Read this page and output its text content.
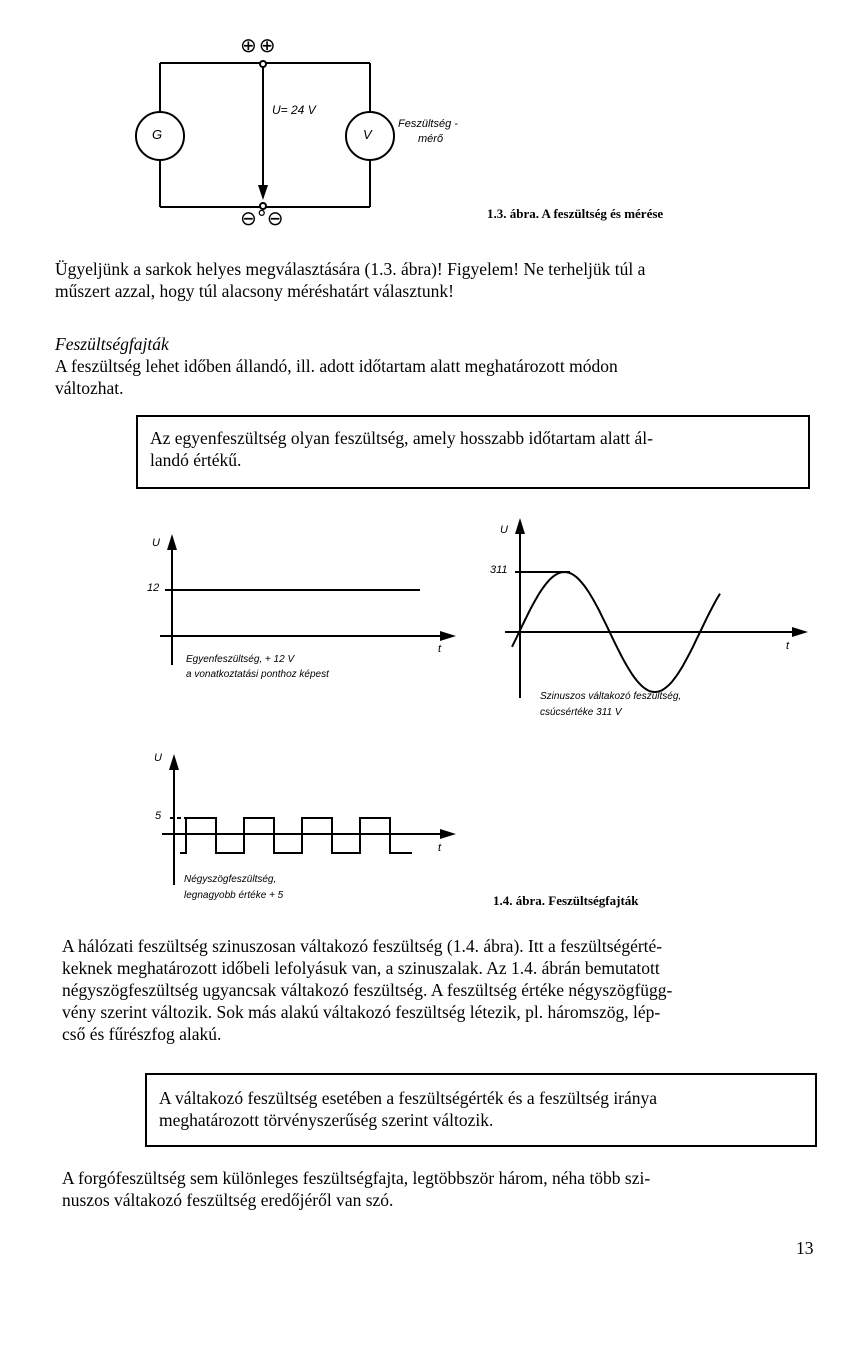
⊕⊕
⊖°⊖
G	V
U= 24 V
Feszültség -
mérő
1.3. ábra. A feszültség és mérése
Ügyeljünk a sarkok helyes megválasztására (1.3. ábra)! Figyelem! Ne terheljük túl a
műszert azzal, hogy túl alacsony méréshatárt választunk!
Feszültségfajták
A feszültség lehet időben állandó, ill. adott időtartam alatt meghatározott módon
változhat.
Az egyenfeszültség olyan feszültség, amely hosszabb időtartam alatt ál-
landó értékű.
U
12
t
Egyenfeszültség, + 12 V
a vonatkoztatási ponthoz képest
U
311
t
Szinuszos váltakozó feszültség,
csúcsértéke 311 V
U
5
t
Négyszögfeszültség,
legnagyobb értéke + 5	1.4. ábra. Feszültségfajták
A hálózati feszültség szinuszosan váltakozó feszültség (1.4. ábra). Itt a feszültségérté-
keknek meghatározott időbeli lefolyásuk van, a szinuszalak. Az 1.4. ábrán bemutatott
négyszögfeszültség ugyancsak váltakozó feszültség. A feszültség értéke négyszögfügg-
vény szerint változik. Sok más alakú váltakozó feszültség létezik, pl. háromszög, lép-
cső és fűrészfog alakú.
A váltakozó feszültség esetében a feszültségérték és a feszültség iránya
meghatározott törvényszerűség szerint változik.
A forgófeszültség sem különleges feszültségfajta, legtöbbször három, néha több szi-
nuszos váltakozó feszültség eredőjéről van szó.
13
